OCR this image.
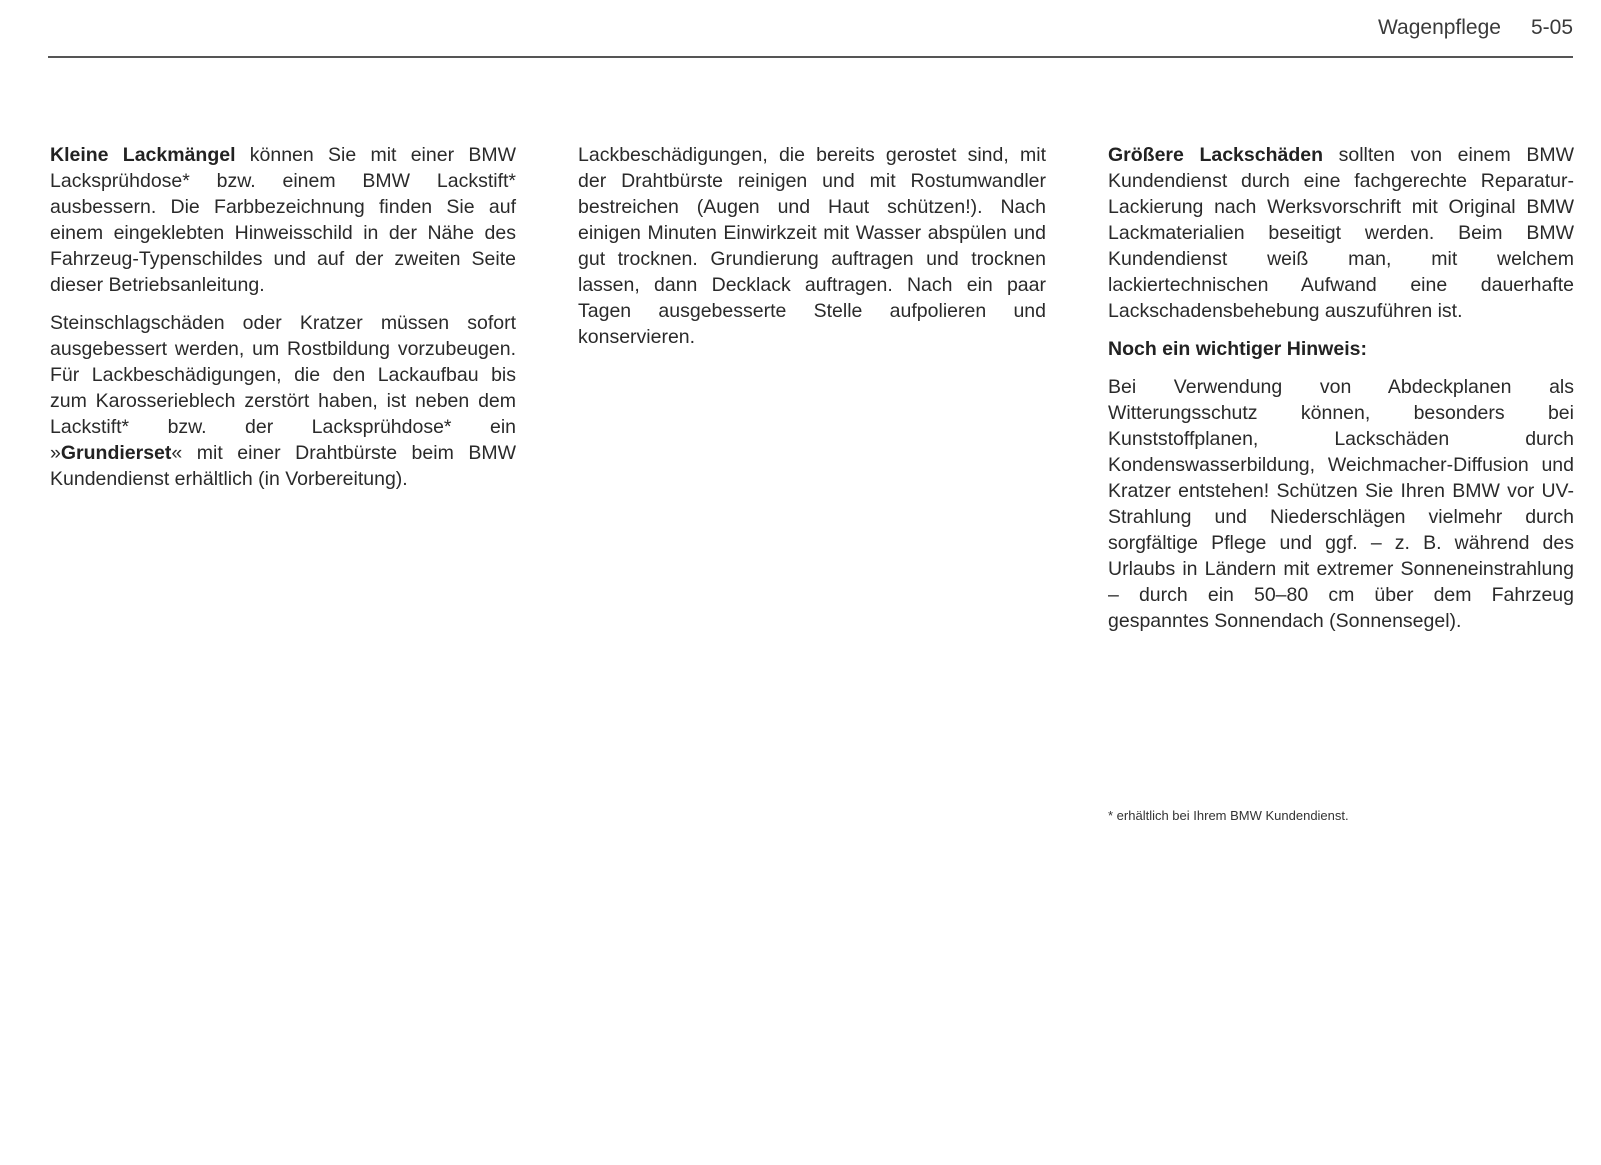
Wagenpflege 5-05

Kleine Lackmängel können Sie mit einer BMW Lacksprühdose* bzw. einem BMW Lackstift* ausbessern. Die Farbbezeichnung finden Sie auf einem eingeklebten Hinweisschild in der Nähe des Fahrzeug-Typenschildes und auf der zweiten Seite dieser Betriebsanleitung.

Steinschlagschäden oder Kratzer müssen sofort ausgebessert werden, um Rostbildung vorzubeugen. Für Lackbeschädigungen, die den Lackaufbau bis zum Karosserieblech zerstört haben, ist neben dem Lackstift* bzw. der Lacksprühdose* ein »Grundierset« mit einer Drahtbürste beim BMW Kundendienst erhältlich (in Vorbereitung).

Lackbeschädigungen, die bereits gerostet sind, mit der Drahtbürste reinigen und mit Rostumwandler bestreichen (Augen und Haut schützen!). Nach einigen Minuten Einwirkzeit mit Wasser abspülen und gut trocknen. Grundierung auftragen und trocknen lassen, dann Decklack auftragen. Nach ein paar Tagen ausgebesserte Stelle aufpolieren und konservieren.

Größere Lackschäden sollten von einem BMW Kundendienst durch eine fachgerechte Reparatur-Lackierung nach Werksvorschrift mit Original BMW Lackmaterialien beseitigt werden. Beim BMW Kundendienst weiß man, mit welchem lackiertechnischen Aufwand eine dauerhafte Lackschadensbehebung auszuführen ist.

Noch ein wichtiger Hinweis:

Bei Verwendung von Abdeckplanen als Witterungsschutz können, besonders bei Kunststoffplanen, Lackschäden durch Kondenswasserbildung, Weichmacher-Diffusion und Kratzer entstehen! Schützen Sie Ihren BMW vor UV-Strahlung und Niederschlägen vielmehr durch sorgfältige Pflege und ggf. – z. B. während des Urlaubs in Ländern mit extremer Sonneneinstrahlung – durch ein 50–80 cm über dem Fahrzeug gespanntes Sonnendach (Sonnensegel).

* erhältlich bei Ihrem BMW Kundendienst.
